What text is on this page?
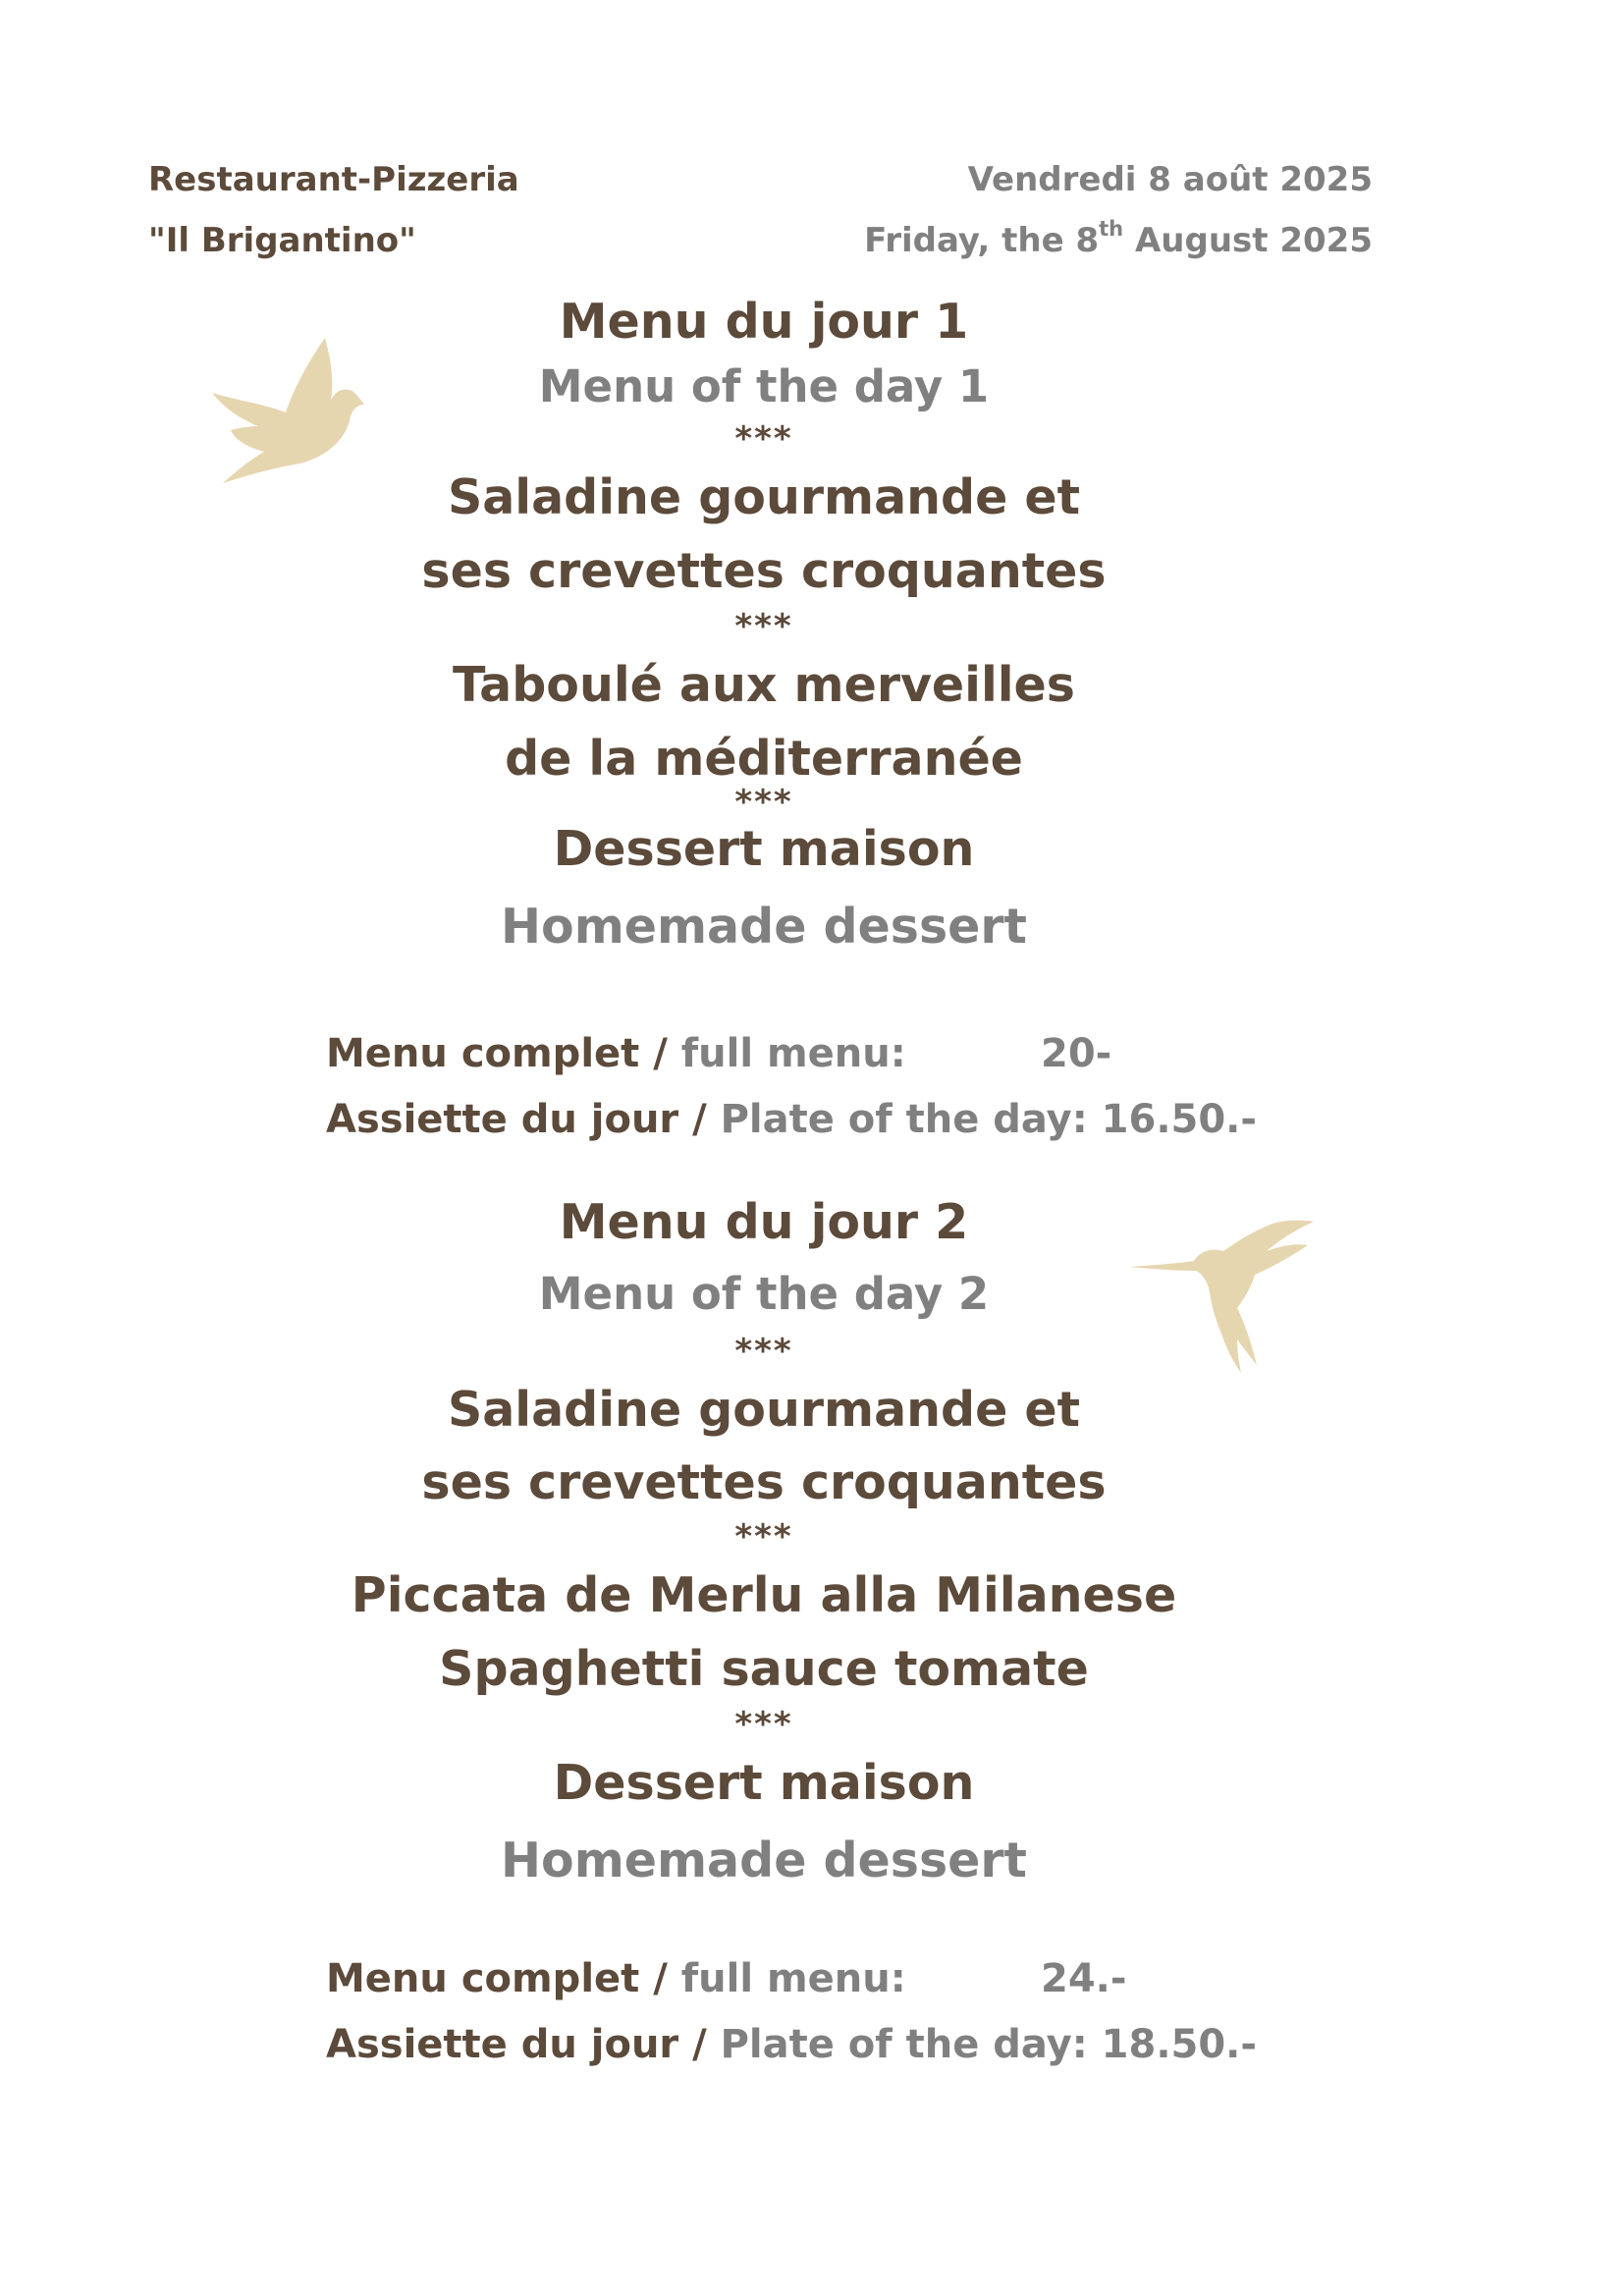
Restaurant-Pizzeria
"Il Brigantino"
Vendredi 8 août 2025
Friday, the 8th August 2025
Menu du jour 1
Menu of the day 1
***
Saladine gourmande et
ses crevettes croquantes
***
Taboulé aux merveilles
de la méditerranée
***
Dessert maison
Homemade dessert
Menu complet / full menu:	20-
Assiette du jour / Plate of the day: 16.50.-
Menu du jour 2
Menu of the day 2
***
Saladine gourmande et
ses crevettes croquantes
***
Piccata de Merlu alla Milanese
Spaghetti sauce tomate
***
Dessert maison
Homemade dessert
Menu complet / full menu:	24.-
Assiette du jour / Plate of the day: 18.50.-
